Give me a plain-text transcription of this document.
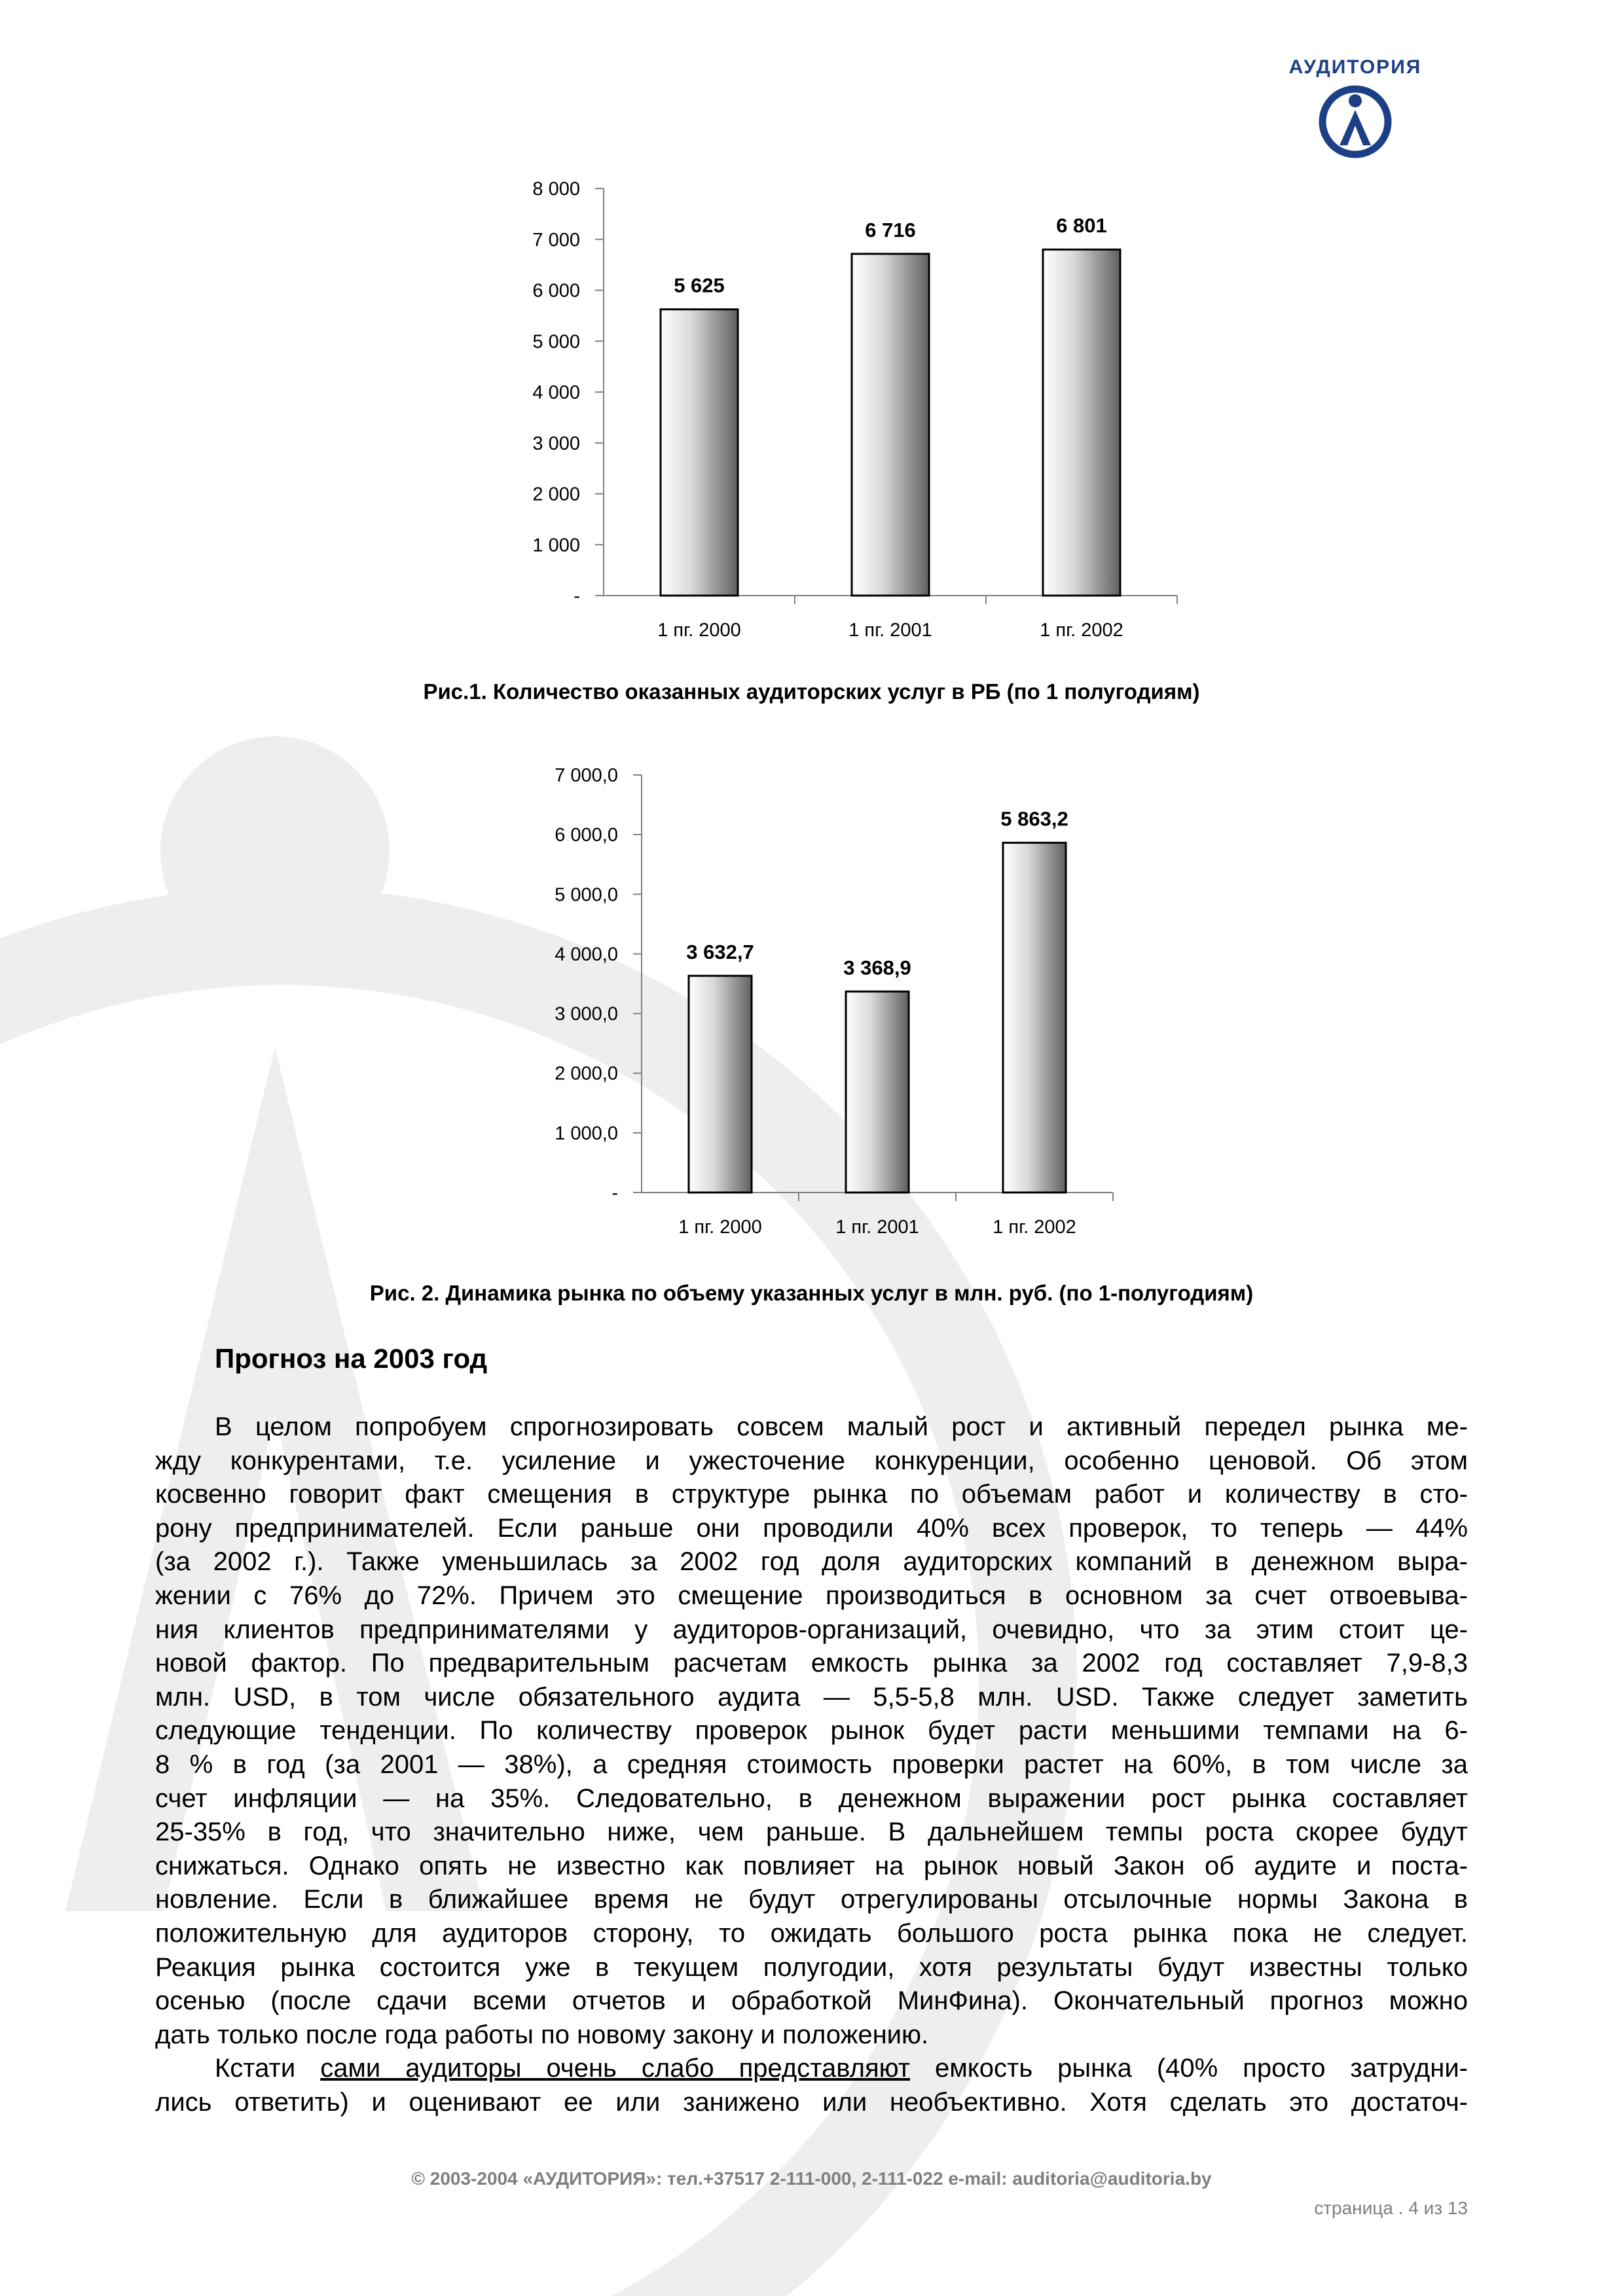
АУДИТОРИЯ
-
1 000
2 000
3 000
4 000
5 000
6 000
7 000
8 000
5 625
1 пг. 2000
6 716
1 пг. 2001
6 801
1 пг. 2002
Рис.1. Количество оказанных аудиторских услуг в РБ (по 1 полугодиям)
-
1 000,0
2 000,0
3 000,0
4 000,0
5 000,0
6 000,0
7 000,0
3 632,7
1 пг. 2000
3 368,9
1 пг. 2001
5 863,2
1 пг. 2002
Рис. 2. Динамика рынка по объему указанных услуг в млн. руб. (по 1-полугодиям)
Прогноз на 2003 год
В целом попробуем спрогнозировать совсем малый рост и активный передел рынка ме-
жду конкурентами, т.е. усиление и ужесточение конкуренции, особенно ценовой. Об этом
косвенно говорит факт смещения в структуре рынка по объемам работ и количеству в сто-
рону предпринимателей. Если раньше они проводили 40% всех проверок, то теперь — 44%
(за 2002 г.). Также уменьшилась за 2002 год доля аудиторских компаний в денежном выра-
жении с 76% до 72%. Причем это смещение производиться в основном за счет отвоевыва-
ния клиентов предпринимателями у аудиторов-организаций, очевидно, что за этим стоит це-
новой фактор. По предварительным расчетам емкость рынка за 2002 год составляет 7,9-8,3
млн. USD, в том числе обязательного аудита — 5,5-5,8 млн. USD. Также следует заметить
следующие тенденции. По количеству проверок рынок будет расти меньшими темпами на 6-
8 % в год (за 2001 — 38%), а средняя стоимость проверки растет на 60%, в том числе за
счет инфляции — на 35%. Следовательно, в денежном выражении рост рынка составляет
25-35% в год, что значительно ниже, чем раньше. В дальнейшем темпы роста скорее будут
снижаться. Однако опять не известно как повлияет на рынок новый Закон об аудите и поста-
новление. Если в ближайшее время не будут отрегулированы отсылочные нормы Закона в
положительную для аудиторов сторону, то ожидать большого роста рынка пока не следует.
Реакция рынка состоится уже в текущем полугодии, хотя результаты будут известны только
осенью (после сдачи всеми отчетов и обработкой МинФина). Окончательный прогноз можно
дать только после года работы по новому закону и положению.
Кстати сами аудиторы очень слабо представляют емкость рынка (40% просто затрудни-
лись ответить) и оценивают ее или занижено или необъективно. Хотя сделать это достаточ-
© 2003-2004 «АУДИТОРИЯ»: тел.+37517 2-111-000, 2-111-022 e-mail: auditoria@auditoria.by
страница . 4 из 13
